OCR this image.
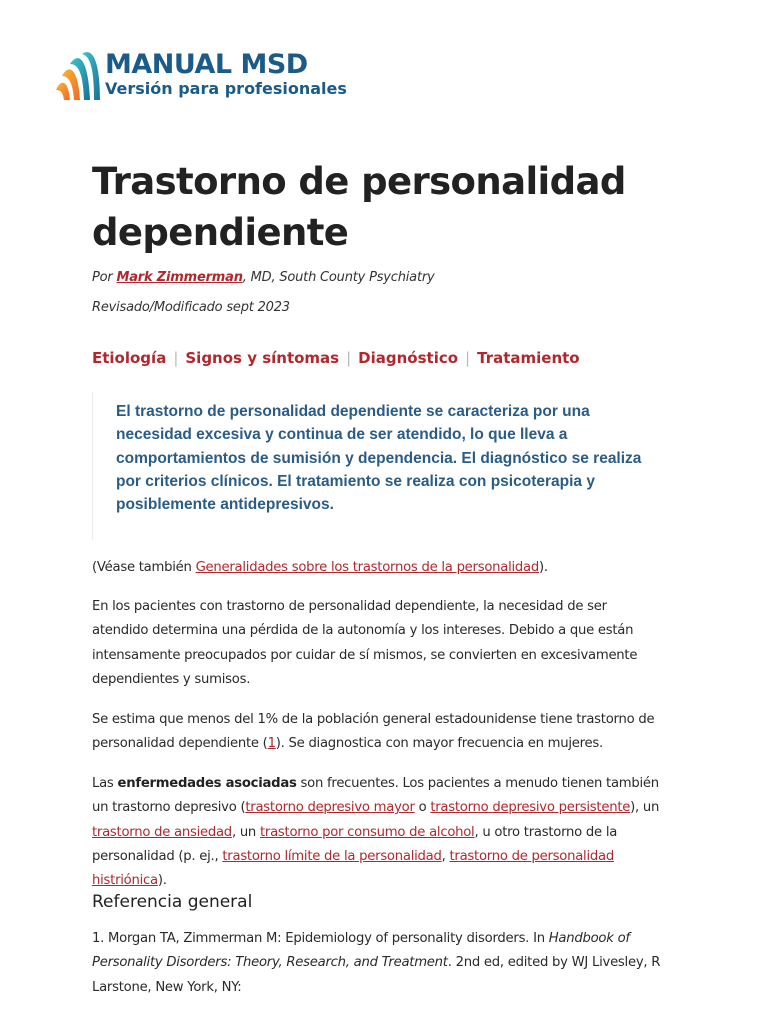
MANUAL MSD
Versión para profesionales
Trastorno de personalidad dependiente
Por Mark Zimmerman, MD, South County Psychiatry
Revisado/Modificado sept 2023
Etiología | Signos y síntomas | Diagnóstico | Tratamiento

El trastorno de personalidad dependiente se caracteriza por una necesidad excesiva y continua de ser atendido, lo que lleva a comportamientos de sumisión y dependencia. El diagnóstico se realiza por criterios clínicos. El tratamiento se realiza con psicoterapia y posiblemente antidepresivos.

(Véase también Generalidades sobre los trastornos de la personalidad).

En los pacientes con trastorno de personalidad dependiente, la necesidad de ser atendido determina una pérdida de la autonomía y los intereses. Debido a que están intensamente preocupados por cuidar de sí mismos, se convierten en excesivamente dependientes y sumisos.

Se estima que menos del 1% de la población general estadounidense tiene trastorno de personalidad dependiente (1). Se diagnostica con mayor frecuencia en mujeres.

Las enfermedades asociadas son frecuentes. Los pacientes a menudo tienen también un trastorno depresivo (trastorno depresivo mayor o trastorno depresivo persistente), un trastorno de ansiedad, un trastorno por consumo de alcohol, u otro trastorno de la personalidad (p. ej., trastorno límite de la personalidad, trastorno de personalidad histriónica).

Referencia general

1. Morgan TA, Zimmerman M: Epidemiology of personality disorders. In Handbook of Personality Disorders: Theory, Research, and Treatment. 2nd ed, edited by WJ Livesley, R Larstone, New York, NY:
